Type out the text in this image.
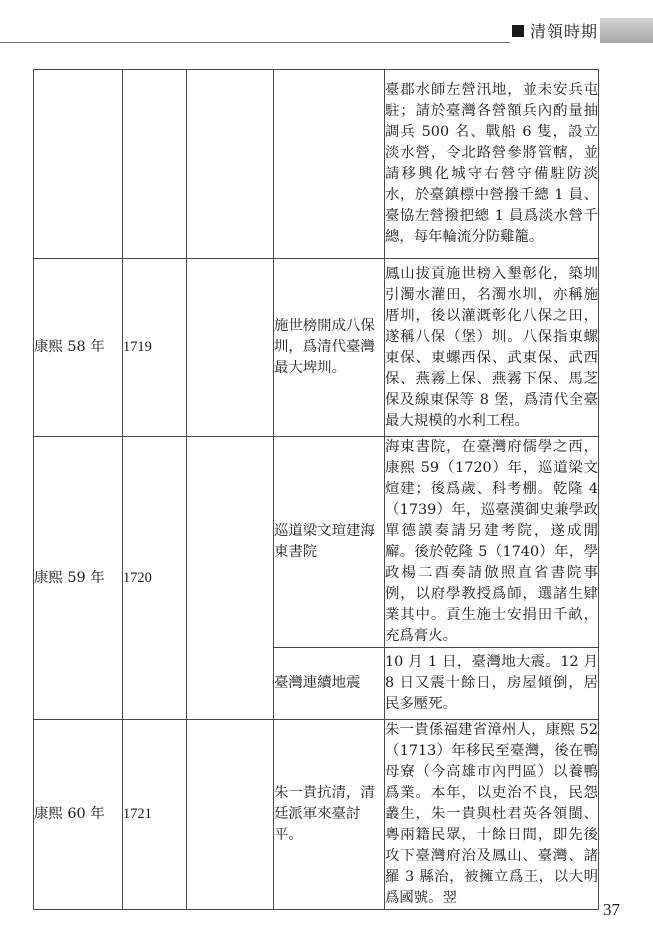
清領時期

				臺郡水師左營汛地，並未安兵屯駐；請於臺灣各營額兵內酌量抽調兵 500 名、戰船 6 隻，設立淡水營，令北路營參將管轄，並請移興化城守右營守備駐防淡水，於臺鎮標中營撥千總 1 員、臺協左營撥把總 1 員爲淡水營千總，每年輪流分防雞籠。

康熙 58 年	1719		施世榜開成八保圳，爲清代臺灣最大埤圳。	鳳山拔貢施世榜入墾彰化，築圳引濁水灌田，名濁水圳，亦稱施厝圳，後以灌溉彰化八保之田，遂稱八保（堡）圳。八保指東螺東保、東螺西保、武東保、武西保、燕霧上保、燕霧下保、馬芝保及線東保等 8 堡，爲清代全臺最大規模的水利工程。

康熙 59 年	1720		巡道梁文瑄建海東書院	海東書院，在臺灣府儒學之西，康熙 59（1720）年，巡道梁文煊建；後爲歲、科考棚。乾隆 4（1739）年，巡臺漢御史兼學政單德謨奏請另建考院，遂成閒廨。後於乾隆 5（1740）年，學政楊二酉奏請倣照直省書院事例，以府學教授爲師，選諸生肄業其中。貢生施士安捐田千畝，充爲膏火。

			臺灣連續地震	10 月 1 日，臺灣地大震。12 月 8 日又震十餘日，房屋傾倒，居民多壓死。

康熙 60 年	1721		朱一貴抗清，清廷派軍來臺討平。	朱一貴係福建省漳州人，康熙 52（1713）年移民至臺灣，後在鴨母寮（今高雄市內門區）以養鴨爲業。本年，以吏治不良，民怨叢生，朱一貴與杜君英各領閩、粵兩籍民眾，十餘日間，即先後攻下臺灣府治及鳳山、臺灣、諸羅 3 縣治，被擁立爲王，以大明爲國號。翌
37
